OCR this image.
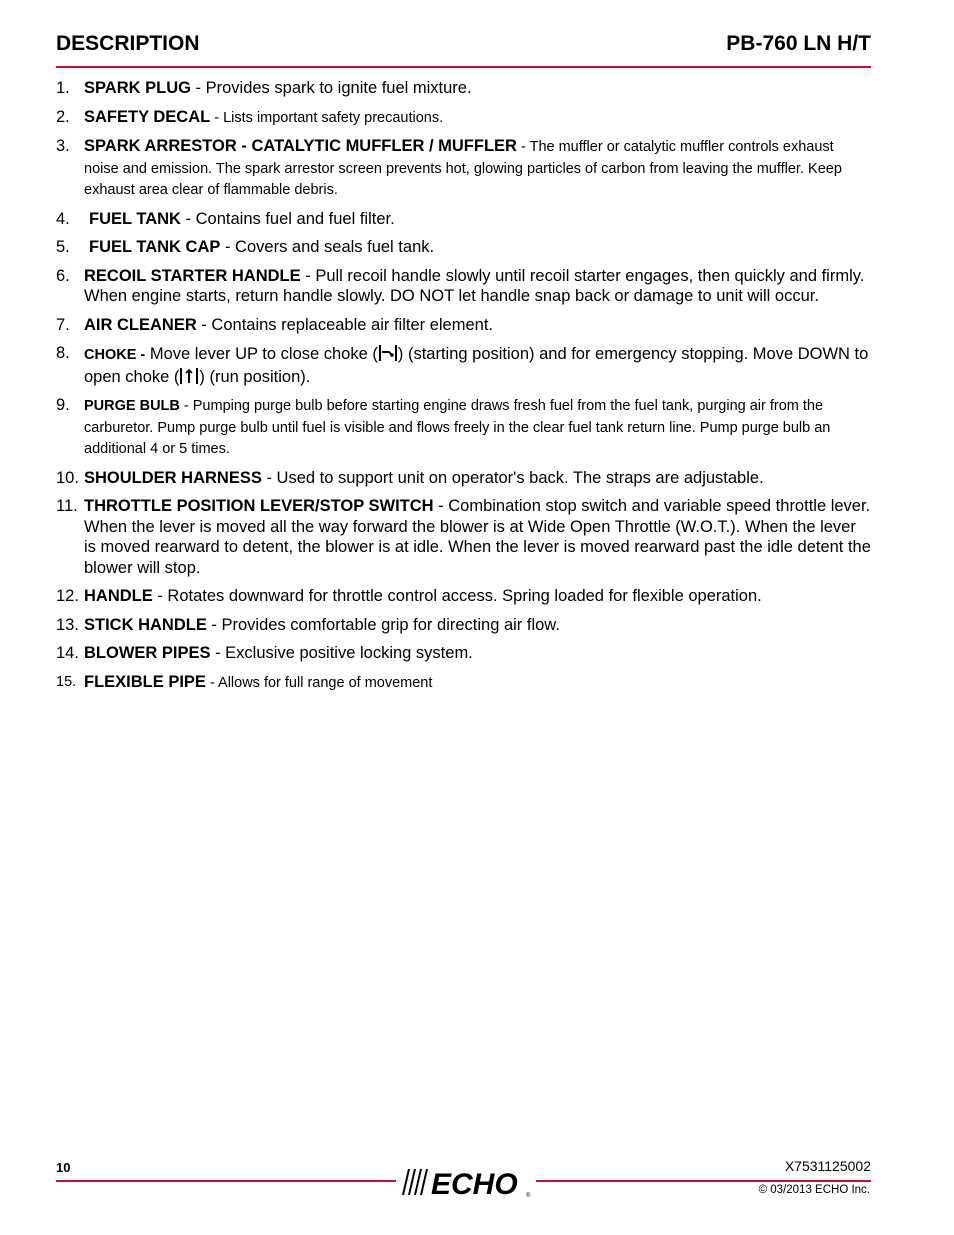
DESCRIPTION	PB-760 LN H/T
1. SPARK PLUG - Provides spark to ignite fuel mixture.
2. SAFETY DECAL - Lists important safety precautions.
3. SPARK ARRESTOR - CATALYTIC MUFFLER / MUFFLER - The muffler or catalytic muffler controls exhaust noise and emission. The spark arrestor screen prevents hot, glowing particles of carbon from leaving the muffler. Keep exhaust area clear of flammable debris.
4. FUEL TANK - Contains fuel and fuel filter.
5. FUEL TANK CAP - Covers and seals fuel tank.
6. RECOIL STARTER HANDLE - Pull recoil handle slowly until recoil starter engages, then quickly and firmly. When engine starts, return handle slowly. DO NOT let handle snap back or damage to unit will occur.
7. AIR CLEANER - Contains replaceable air filter element.
8. CHOKE - Move lever UP to close choke ( ) (starting position) and for emergency stopping. Move DOWN to open choke ( ) (run position).
9. PURGE BULB - Pumping purge bulb before starting engine draws fresh fuel from the fuel tank, purging air from the carburetor. Pump purge bulb until fuel is visible and flows freely in the clear fuel tank return line. Pump purge bulb an additional 4 or 5 times.
10. SHOULDER HARNESS - Used to support unit on operator's back. The straps are adjustable.
11. THROTTLE POSITION LEVER/STOP SWITCH - Combination stop switch and variable speed throttle lever. When the lever is moved all the way forward the blower is at Wide Open Throttle (W.O.T.). When the lever is moved rearward to detent, the blower is at idle. When the lever is moved rearward past the idle detent the blower will stop.
12. HANDLE - Rotates downward for throttle control access. Spring loaded for flexible operation.
13. STICK HANDLE - Provides comfortable grip for directing air flow.
14. BLOWER PIPES - Exclusive positive locking system.
15. FLEXIBLE PIPE - Allows for full range of movement
10
ECHO ®
X7531125002
© 03/2013 ECHO Inc.
